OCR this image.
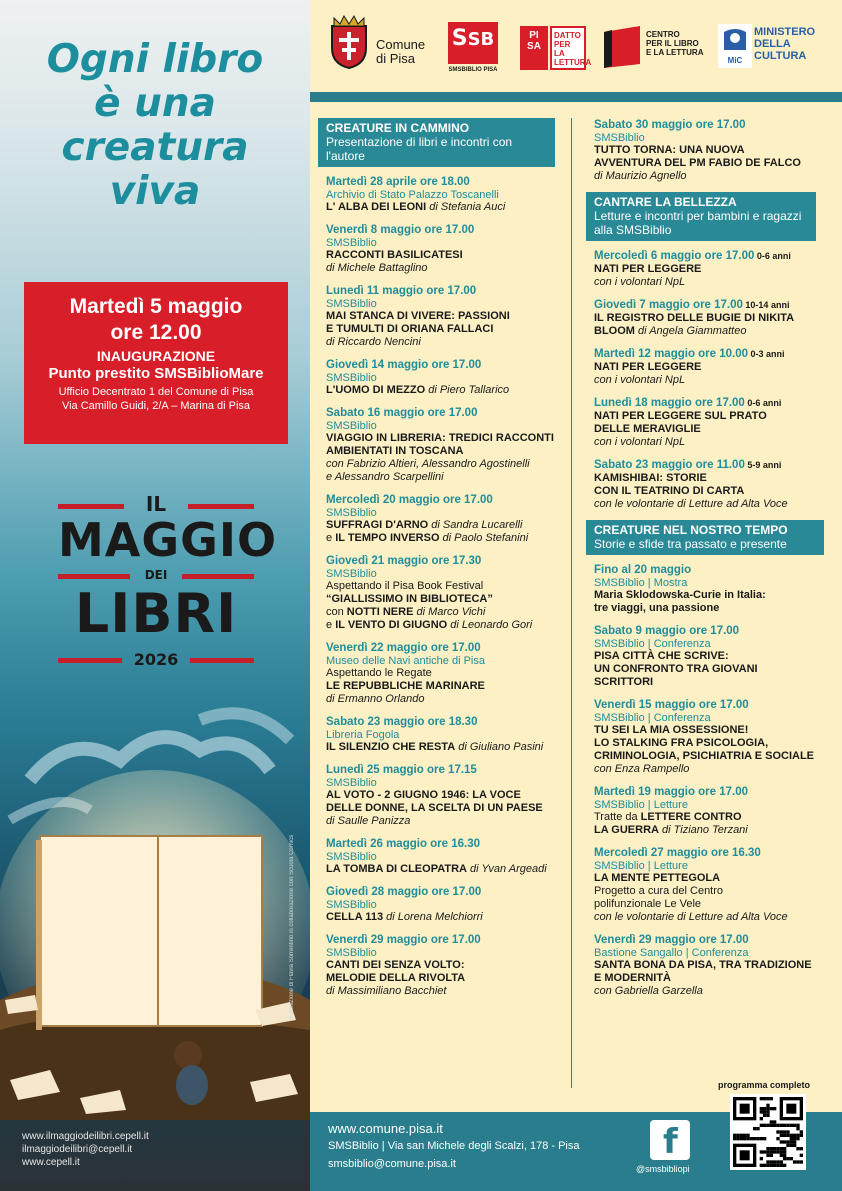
Ogni libro
è una
creatura
viva
Martedì 5 maggio
ore 12.00
INAUGURAZIONE
Punto prestito SMSBiblioMare
Ufficio Decentrato 1 del Comune di Pisa
Via Camillo Guidi, 2/A – Marina di Pisa
IL
MAGGIO
DEI
LIBRI
2026
Illustrazione di Flavia Sorrentino in collaborazione con Scuola Comics
www.ilmaggiodeilibri.cepell.it
ilmaggiodeilibri@cepell.it
www.cepell.it
Comune
di Pisa
SSB
SMSBIBLIO PISA
PI
SA
DATTO
PER LA
LETTURA
CENTRO
PER IL LIBRO
E LA LETTURA
MiC
MINISTERO
DELLA
CULTURA
CREATURE IN CAMMINO
Presentazione di libri e incontri con l'autore
Martedì 28 aprile ore 18.00
Archivio di Stato Palazzo Toscanelli
L' ALBA DEI LEONI di Stefania Auci
Venerdì 8 maggio ore 17.00
SMSBiblio
RACCONTI BASILICATESI
di Michele Battaglino
Lunedì 11 maggio ore 17.00
SMSBiblio
MAI STANCA DI VIVERE: PASSIONI
E TUMULTI DI ORIANA FALLACI
di Riccardo Nencini
Giovedì 14 maggio ore 17.00
SMSBiblio
L'UOMO DI MEZZO di Piero Tallarico
Sabato 16 maggio ore 17.00
SMSBiblio
VIAGGIO IN LIBRERIA: TREDICI RACCONTI
AMBIENTATI IN TOSCANA
con Fabrizio Altieri, Alessandro Agostinelli
e Alessandro Scarpellini
Mercoledì 20 maggio ore 17.00
SMSBiblio
SUFFRAGI D'ARNO di Sandra Lucarelli
e IL TEMPO INVERSO di Paolo Stefanini
Giovedì 21 maggio ore 17.30
SMSBiblio
Aspettando il Pisa Book Festival
“GIALLISSIMO IN BIBLIOTECA”
con NOTTI NERE di Marco Vichi
e IL VENTO DI GIUGNO di Leonardo Gori
Venerdì 22 maggio ore 17.00
Museo delle Navi antiche di Pisa
Aspettando le Regate
LE REPUBBLICHE MARINARE
di Ermanno Orlando
Sabato 23 maggio ore 18.30
Libreria Fogola
IL SILENZIO CHE RESTA di Giuliano Pasini
Lunedì 25 maggio ore 17.15
SMSBiblio
AL VOTO - 2 GIUGNO 1946: LA VOCE
DELLE DONNE, LA SCELTA DI UN PAESE
di Saulle Panizza
Martedì 26 maggio ore 16.30
SMSBiblio
LA TOMBA DI CLEOPATRA di Yvan Argeadi
Giovedì 28 maggio ore 17.00
SMSBiblio
CELLA 113 di Lorena Melchiorri
Venerdì 29 maggio ore 17.00
SMSBiblio
CANTI DEI SENZA VOLTO:
MELODIE DELLA RIVOLTA
di Massimiliano Bacchiet
Sabato 30 maggio ore 17.00
SMSBiblio
TUTTO TORNA: UNA NUOVA
AVVENTURA DEL PM FABIO DE FALCO
di Maurizio Agnello
CANTARE LA BELLEZZA
Letture e incontri per bambini e ragazzi alla SMSBiblio
Mercoledì 6 maggio ore 17.00 0-6 anni
NATI PER LEGGERE
con i volontari NpL
Giovedì 7 maggio ore 17.00 10-14 anni
IL REGISTRO DELLE BUGIE DI NIKITA
BLOOM di Angela Giammatteo
Martedì 12 maggio ore 10.00 0-3 anni
NATI PER LEGGERE
con i volontari NpL
Lunedì 18 maggio ore 17.00 0-6 anni
NATI PER LEGGERE SUL PRATO
DELLE MERAVIGLIE
con i volontari NpL
Sabato 23 maggio ore 11.00 5-9 anni
KAMISHIBAI: STORIE
CON IL TEATRINO DI CARTA
con le volontarie di Letture ad Alta Voce
CREATURE NEL NOSTRO TEMPO
Storie e sfide tra passato e presente
Fino al 20 maggio
SMSBiblio | Mostra
Maria Sklodowska-Curie in Italia:
tre viaggi, una passione
Sabato 9 maggio ore 17.00
SMSBiblio | Conferenza
PISA CITTÀ CHE SCRIVE:
UN CONFRONTO TRA GIOVANI
SCRITTORI
Venerdì 15 maggio ore 17.00
SMSBiblio | Conferenza
TU SEI LA MIA OSSESSIONE!
LO STALKING FRA PSICOLOGIA,
CRIMINOLOGIA, PSICHIATRIA E SOCIALE
con Enza Rampello
Martedì 19 maggio ore 17.00
SMSBiblio | Letture
Tratte da LETTERE CONTRO
LA GUERRA di Tiziano Terzani
Mercoledì 27 maggio ore 16.30
SMSBiblio | Letture
LA MENTE PETTEGOLA
Progetto a cura del Centro
polifunzionale Le Vele
con le volontarie di Letture ad Alta Voce
Venerdì 29 maggio ore 17.00
Bastione Sangallo | Conferenza
SANTA BONA DA PISA, TRA TRADIZIONE
E MODERNITÀ
con Gabriella Garzella
programma completo
www.comune.pisa.it
SMSBiblio | Via san Michele degli Scalzi, 178 - Pisa
smsbiblio@comune.pisa.it
f
@smsbibliopi
